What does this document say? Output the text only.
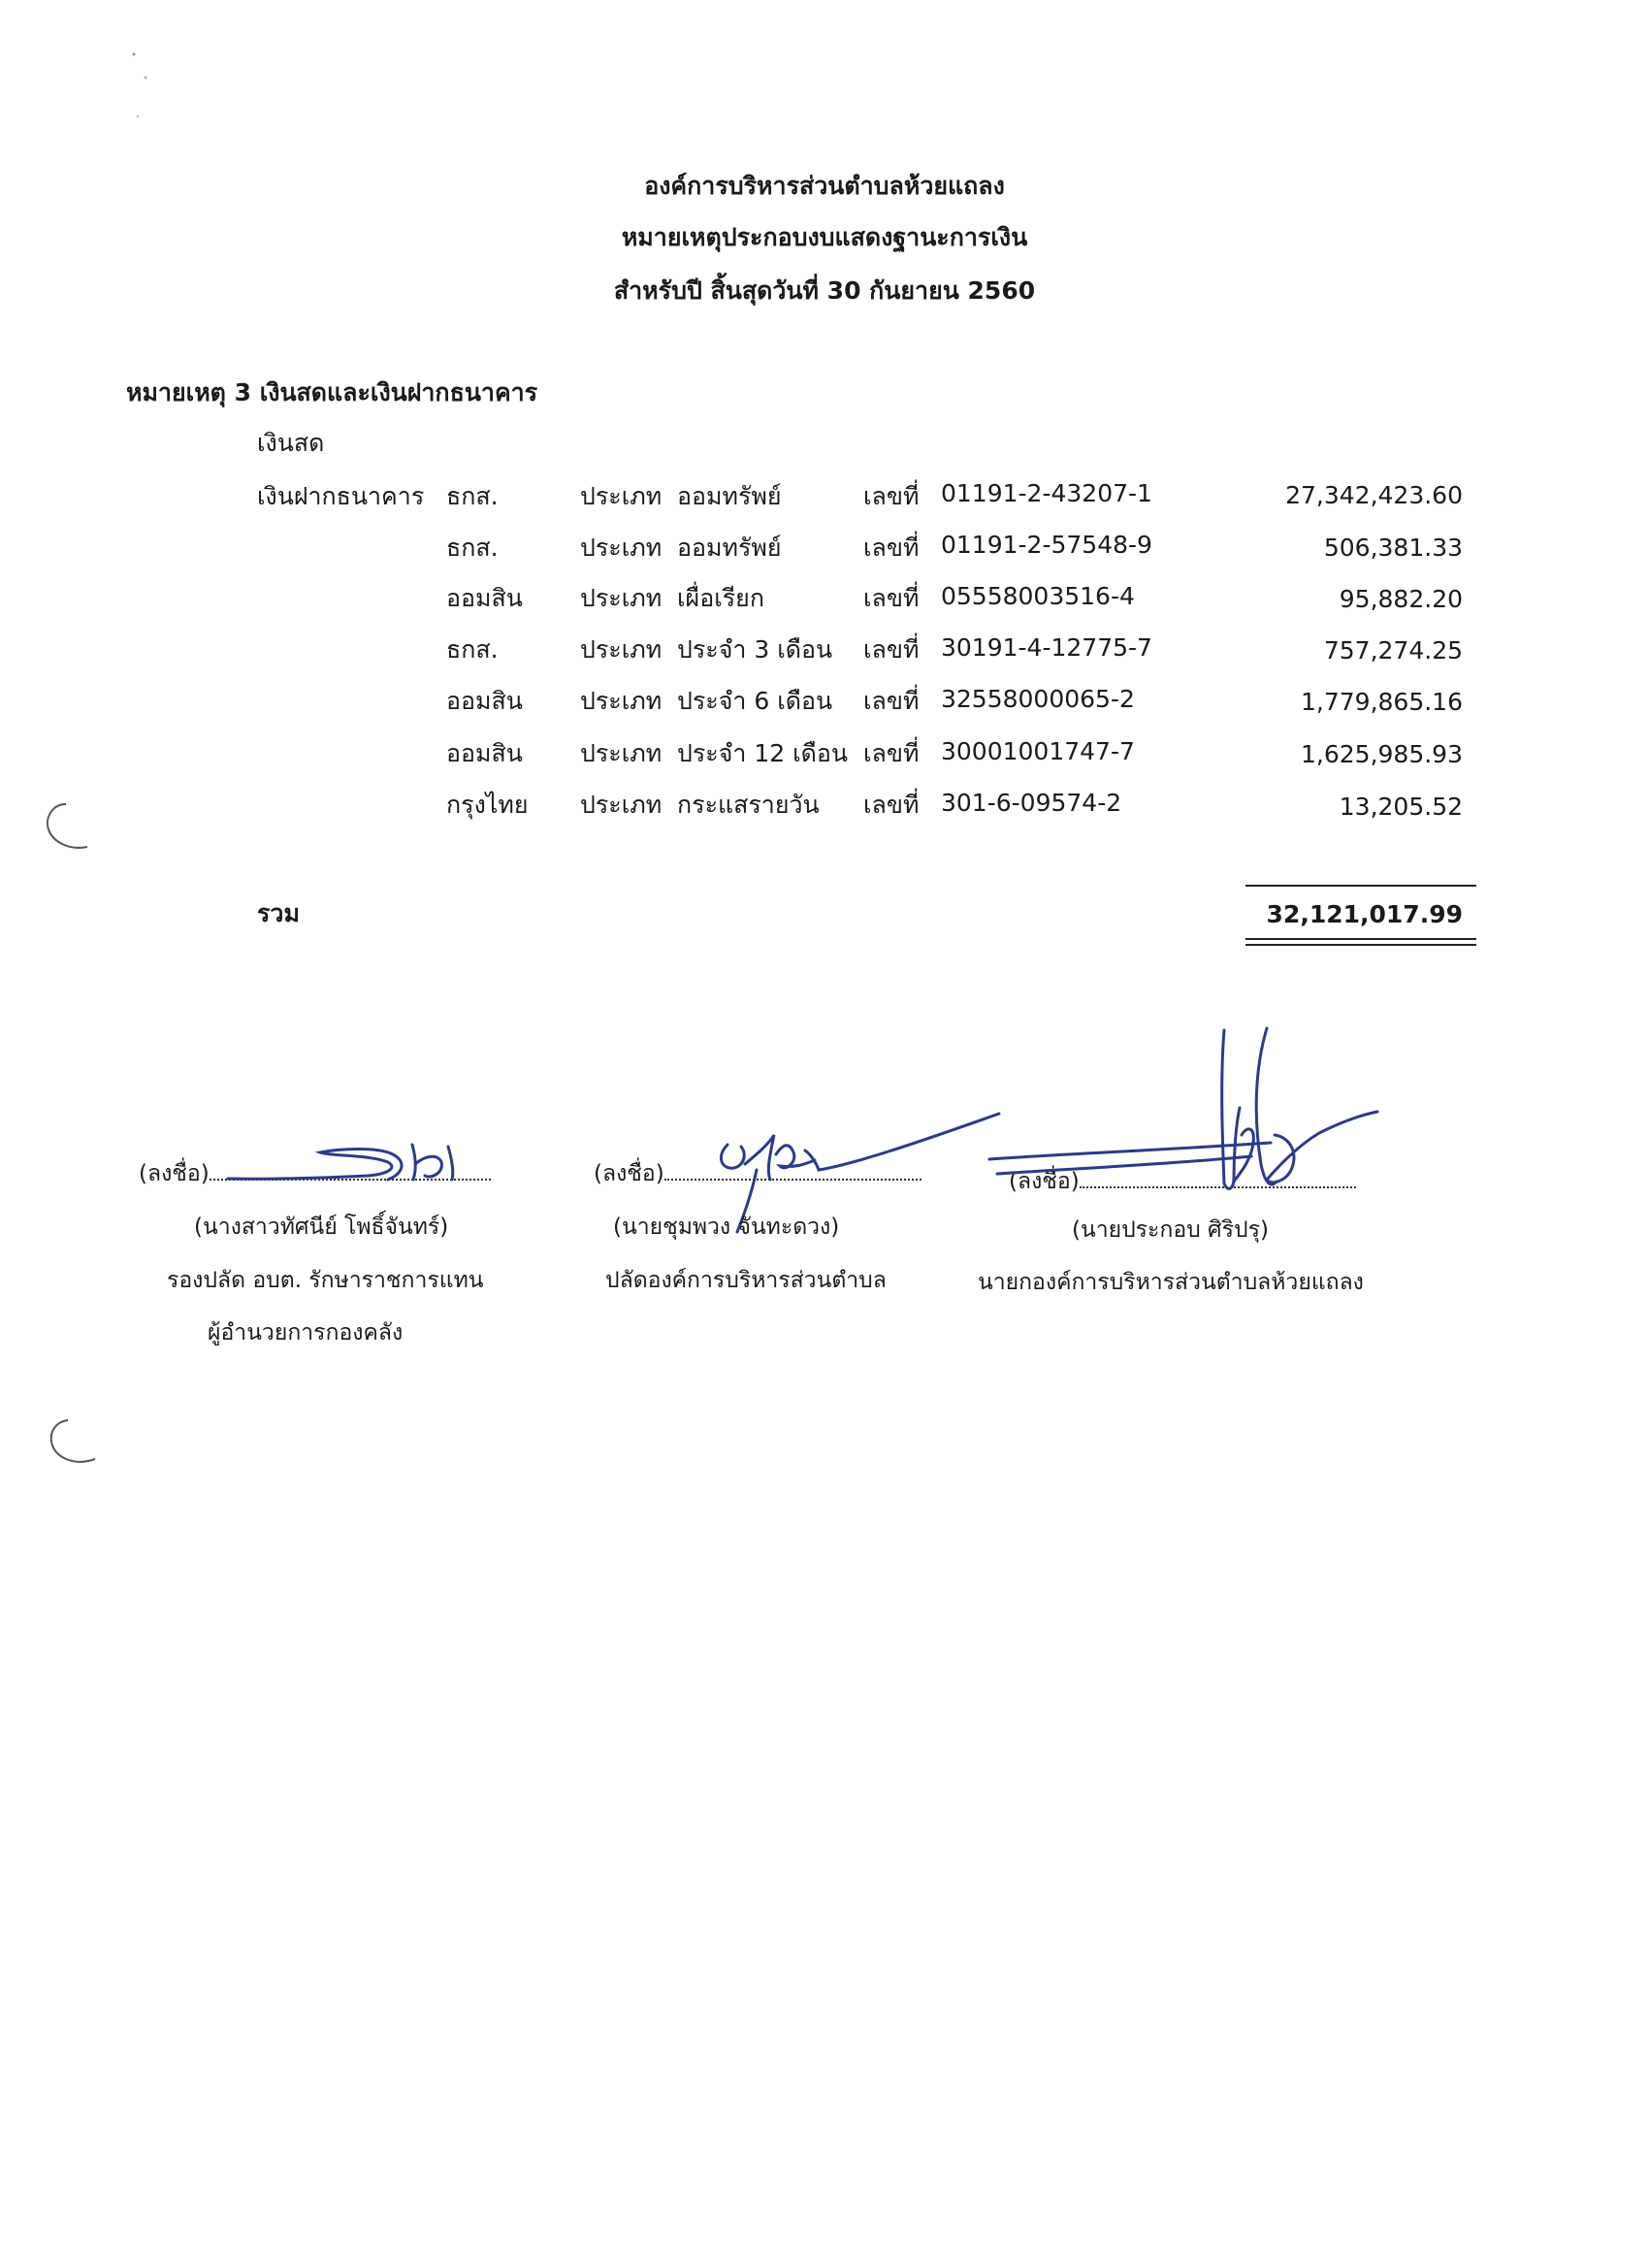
องค์การบริหารส่วนตำบลห้วยแถลง
หมายเหตุประกอบงบแสดงฐานะการเงิน
สำหรับปี สิ้นสุดวันที่ 30 กันยายน 2560
หมายเหตุ 3 เงินสดและเงินฝากธนาคาร
เงินสด
เงินฝากธนาคาร ธกส.	ประเภท ออมทรัพย์	เลขที่ 01191-2-43207-1	27,342,423.60
ธกส.	ประเภท ออมทรัพย์	เลขที่ 01191-2-57548-9	506,381.33
ออมสิน ประเภท เผื่อเรียก	เลขที่ 05558003516-4	95,882.20
ธกส.	ประเภท ประจำ 3 เดือน เลขที่ 30191-4-12775-7	757,274.25
ออมสิน ประเภท ประจำ 6 เดือน เลขที่ 32558000065-2	1,779,865.16
ออมสิน ประเภท ประจำ 12 เดือน เลขที่ 30001001747-7	1,625,985.93
กรุงไทย ประเภท กระแสรายวัน เลขที่ 301-6-09574-2	13,205.52
รวม	32,121,017.99
(ลงชื่อ)
(นางสาวทัศนีย์ โพธิ์จันทร์)
รองปลัด อบต. รักษาราชการแทน
ผู้อำนวยการกองคลัง
(ลงชื่อ)
(นายชุมพวง จันทะดวง)
ปลัดองค์การบริหารส่วนตำบล
(ลงชื่อ)
(นายประกอบ ศิริปรุ)
นายกองค์การบริหารส่วนตำบลห้วยแถลง
